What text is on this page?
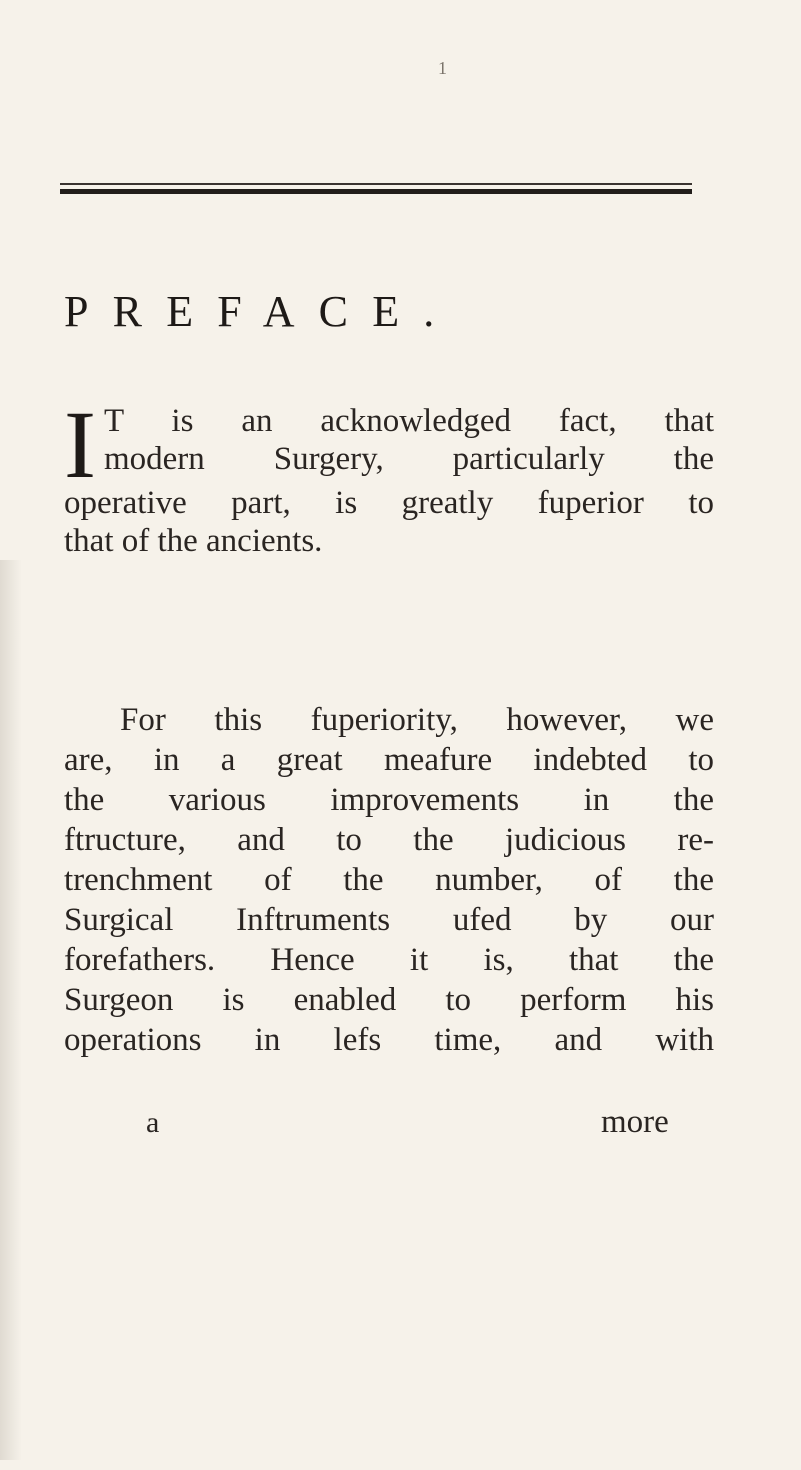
1
PREFACE.
I T is an acknowledged fact, that
modern Surgery, particularly the
operative part, is greatly fuperior to
that of the ancients.
For this fuperiority, however, we
are, in a great meafure indebted to
the various improvements in the
ftructure, and to the judicious re-
trenchment of the number, of the
Surgical Inftruments ufed by our
forefathers. Hence it is, that the
Surgeon is enabled to perform his
operations in lefs time, and with
a	more
